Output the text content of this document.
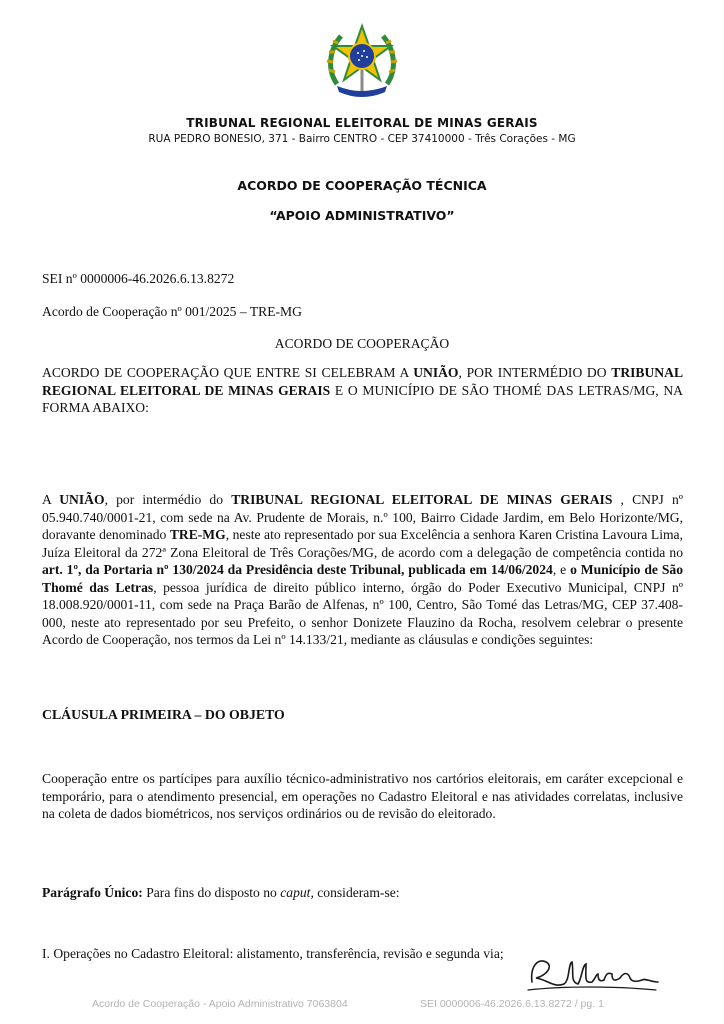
TRIBUNAL REGIONAL ELEITORAL DE MINAS GERAIS
RUA PEDRO BONESIO, 371 - Bairro CENTRO - CEP 37410000 - Três Corações - MG
ACORDO DE COOPERAÇÃO TÉCNICA
“APOIO ADMINISTRATIVO”
SEI nº 0000006-46.2026.6.13.8272
Acordo de Cooperação nº 001/2025 – TRE-MG
ACORDO DE COOPERAÇÃO
ACORDO DE COOPERAÇÃO QUE ENTRE SI CELEBRAM A UNIÃO, POR INTERMÉDIO DO TRIBUNAL REGIONAL ELEITORAL DE MINAS GERAIS E O MUNICÍPIO DE SÃO THOMÉ DAS LETRAS/MG, NA FORMA ABAIXO:
A UNIÃO, por intermédio do TRIBUNAL REGIONAL ELEITORAL DE MINAS GERAIS , CNPJ nº 05.940.740/0001-21, com sede na Av. Prudente de Morais, n.º 100, Bairro Cidade Jardim, em Belo Horizonte/MG, doravante denominado TRE-MG, neste ato representado por sua Excelência a senhora Karen Cristina Lavoura Lima, Juíza Eleitoral da 272ª Zona Eleitoral de Três Corações/MG, de acordo com a delegação de competência contida no art. 1º, da Portaria nº 130/2024 da Presidência deste Tribunal, publicada em 14/06/2024, e o Município de São Thomé das Letras, pessoa jurídica de direito público interno, órgão do Poder Executivo Municipal, CNPJ nº 18.008.920/0001-11, com sede na Praça Barão de Alfenas, nº 100, Centro, São Tomé das Letras/MG, CEP 37.408-000, neste ato representado por seu Prefeito, o senhor Donizete Flauzino da Rocha, resolvem celebrar o presente Acordo de Cooperação, nos termos da Lei nº 14.133/21, mediante as cláusulas e condições seguintes:
CLÁUSULA PRIMEIRA – DO OBJETO
Cooperação entre os partícipes para auxílio técnico-administrativo nos cartórios eleitorais, em caráter excepcional e temporário, para o atendimento presencial, em operações no Cadastro Eleitoral e nas atividades correlatas, inclusive na coleta de dados biométricos, nos serviços ordinários ou de revisão do eleitorado.
Parágrafo Único: Para fins do disposto no caput, consideram-se:
I. Operações no Cadastro Eleitoral: alistamento, transferência, revisão e segunda via;
Acordo de Cooperação - Apoio Administrativo 7063804	SEI 0000006-46.2026.6.13.8272 / pg. 1
